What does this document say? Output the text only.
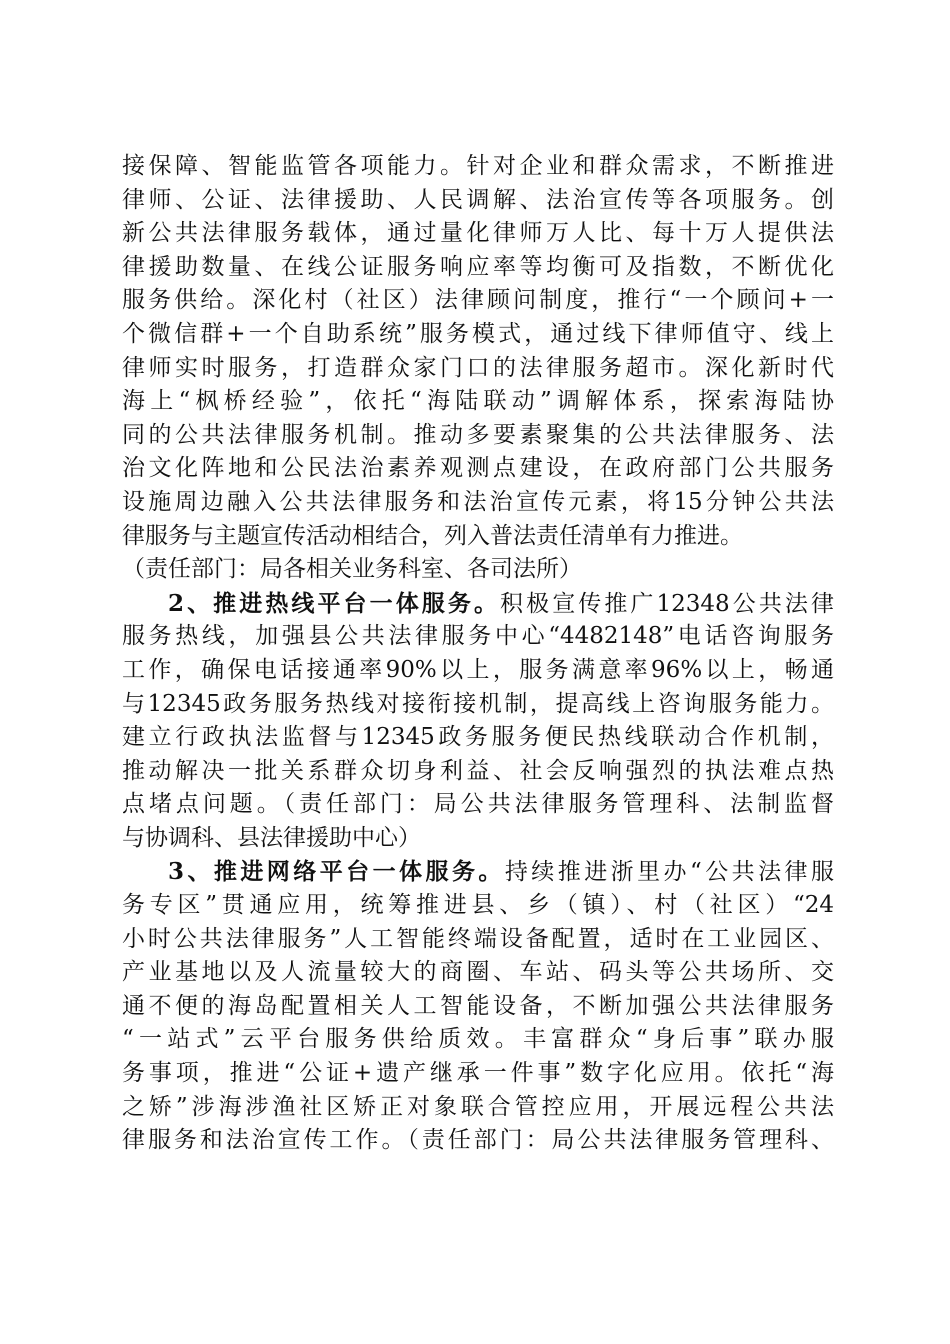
接保障、智能监管各项能力。针对企业和群众需求，不断推进
律师、公证、法律援助、人民调解、法治宣传等各项服务。创
新公共法律服务载体，通过量化律师万人比、每十万人提供法
律援助数量、在线公证服务响应率等均衡可及指数，不断优化
服务供给。深化村（社区）法律顾问制度，推行“一个顾问+一
个微信群+一个自助系统”服务模式，通过线下律师值守、线上
律师实时服务，打造群众家门口的法律服务超市。深化新时代
海上“枫桥经验”，依托“海陆联动”调解体系，探索海陆协
同的公共法律服务机制。推动多要素聚集的公共法律服务、法
治文化阵地和公民法治素养观测点建设，在政府部门公共服务
设施周边融入公共法律服务和法治宣传元素，将15分钟公共法
律服务与主题宣传活动相结合，列入普法责任清单有力推进。
（责任部门：局各相关业务科室、各司法所）
2、推进热线平台一体服务。积极宣传推广12348公共法律
服务热线，加强县公共法律服务中心“4482148”电话咨询服务
工作，确保电话接通率90%以上，服务满意率96%以上，畅通
与12345政务服务热线对接衔接机制，提高线上咨询服务能力。
建立行政执法监督与12345政务服务便民热线联动合作机制，
推动解决一批关系群众切身利益、社会反响强烈的执法难点热
点堵点问题。（责任部门：局公共法律服务管理科、法制监督
与协调科、县法律援助中心）
3、推进网络平台一体服务。持续推进浙里办“公共法律服
务专区”贯通应用，统筹推进县、乡（镇）、村（社区）“24
小时公共法律服务”人工智能终端设备配置，适时在工业园区、
产业基地以及人流量较大的商圈、车站、码头等公共场所、交
通不便的海岛配置相关人工智能设备，不断加强公共法律服务
“一站式”云平台服务供给质效。丰富群众“身后事”联办服
务事项，推进“公证+遗产继承一件事”数字化应用。依托“海
之矫”涉海涉渔社区矫正对象联合管控应用，开展远程公共法
律服务和法治宣传工作。（责任部门：局公共法律服务管理科、
